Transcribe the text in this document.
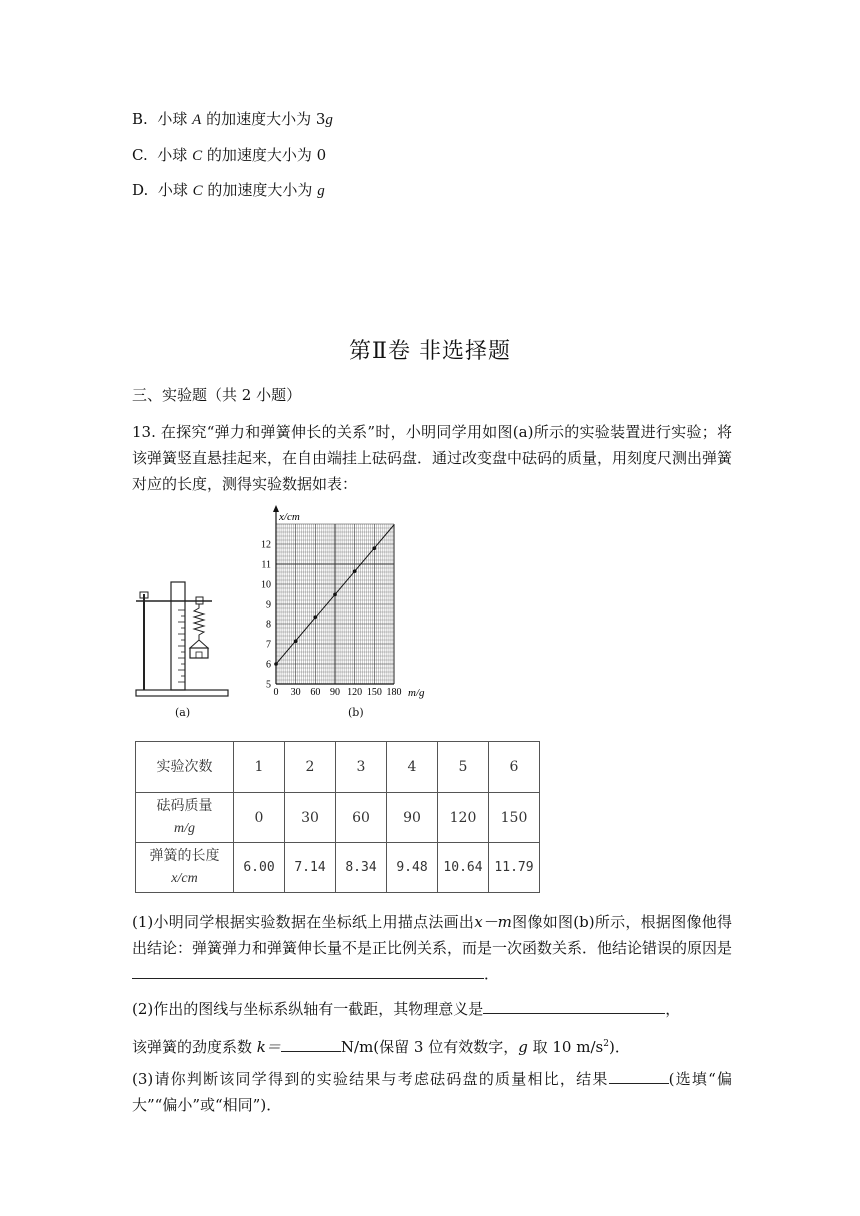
B. 小球 A 的加速度大小为 3g
C. 小球 C 的加速度大小为 0
D. 小球 C 的加速度大小为 g
第Ⅱ卷 非选择题
三、实验题（共 2 小题）
13. 在探究“弹力和弹簧伸长的关系”时，小明同学用如图(a)所示的实验装置进行实验；将该弹簧竖直悬挂起来，在自由端挂上砝码盘．通过改变盘中砝码的质量，用刻度尺测出弹簧对应的长度，测得实验数据如表：
(a)
0 30 60 90 120 150 180
5
6
7
8
9
10
11
12
x/cm
m/g
(b)
实验次数	1	2	3	4	5	6
砝码质量
m/g	0	30	60	90	120	150
弹簧的长度
x/cm	6.00	7.14	8.34	9.48	10.64	11.79
(1)小明同学根据实验数据在坐标纸上用描点法画出x－m图像如图(b)所示，根据图像他得出结论：弹簧弹力和弹簧伸长量不是正比例关系，而是一次函数关系．他结论错误的原因是．
(2)作出的图线与坐标系纵轴有一截距，其物理意义是	，
该弹簧的劲度系数 k＝	N/m(保留 3 位有效数字，g 取 10 $m/s^2$)．
(3)请你判断该同学得到的实验结果与考虑砝码盘的质量相比，结果	(选填“偏大”“偏小”或“相同”)．
